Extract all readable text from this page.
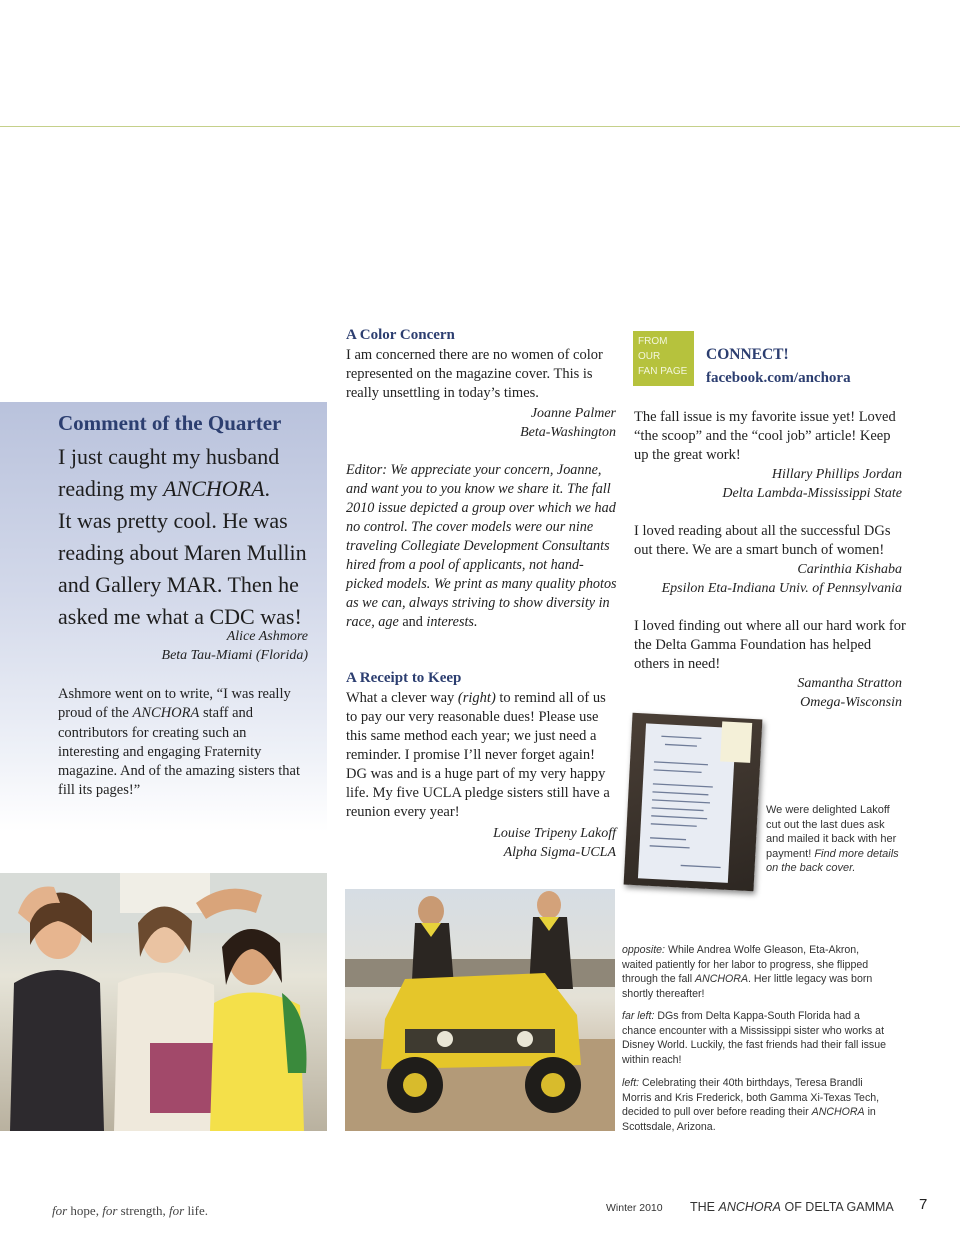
Comment of the Quarter
I just caught my husband
reading my ANCHORA.
It was pretty cool. He was
reading about Maren Mullin
and Gallery MAR. Then he
asked me what a CDC was!
Alice Ashmore
Beta Tau-Miami (Florida)
Ashmore went on to write, “I was really proud of the ANCHORA staff and contributors for creating such an interesting and engaging Fraternity magazine. And of the amazing sisters that fill its pages!”
A Color Concern
I am concerned there are no women of color represented on the magazine cover. This is really unsettling in today’s times.
Joanne Palmer
Beta-Washington
Editor: We appreciate your concern, Joanne, and want you to you know we share it. The fall 2010 issue depicted a group over which we had no control. The cover models were our nine traveling Collegiate Development Consultants hired from a pool of applicants, not hand-picked models. We print as many quality photos as we can, always striving to show diversity in race, age and interests.
A Receipt to Keep
What a clever way (right) to remind all of us to pay our very reasonable dues! Please use this same method each year; we just need a reminder. I promise I’ll never forget again! DG was and is a huge part of my very happy life. My five UCLA pledge sisters still have a reunion every year!
Louise Tripeny Lakoff
Alpha Sigma-UCLA
FROM
OUR
FAN PAGE
CONNECT!
facebook.com/anchora
The fall issue is my favorite issue yet! Loved “the scoop” and the “cool job” article! Keep up the great work!
Hillary Phillips Jordan
Delta Lambda-Mississippi State
I loved reading about all the successful DGs out there. We are a smart bunch of women!
Carinthia Kishaba
Epsilon Eta-Indiana Univ. of Pennsylvania
I loved finding out where all our hard work for the Delta Gamma Foundation has helped others in need!
Samantha Stratton
Omega-Wisconsin
We were delighted Lakoff cut out the last dues ask and mailed it back with her payment! Find more details on the back cover.
opposite: While Andrea Wolfe Gleason, Eta-Akron, waited patiently for her labor to progress, she flipped through the fall ANCHORA. Her little legacy was born shortly thereafter!
far left: DGs from Delta Kappa-South Florida had a chance encounter with a Mississippi sister who works at Disney World. Luckily, the fast friends had their fall issue within reach!
left: Celebrating their 40th birthdays, Teresa Brandli Morris and Kris Frederick, both Gamma Xi-Texas Tech, decided to pull over before reading their ANCHORA in Scottsdale, Arizona.
for hope, for strength, for life.	Winter 2010 THE ANCHORA OF DELTA GAMMA 7
